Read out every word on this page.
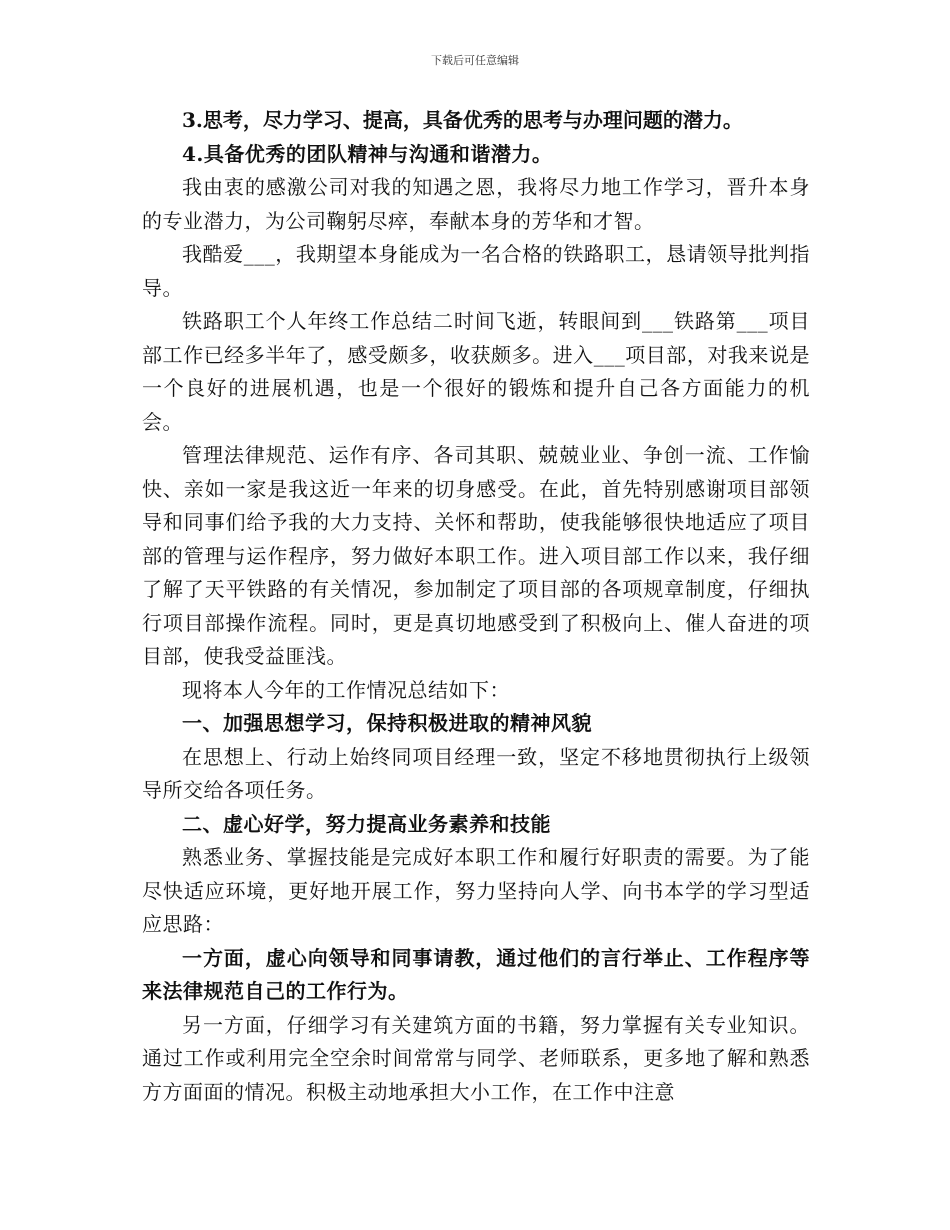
下载后可任意编辑

3.思考，尽力学习、提高，具备优秀的思考与办理问题的潜力。

4.具备优秀的团队精神与沟通和谐潜力。

我由衷的感激公司对我的知遇之恩，我将尽力地工作学习，晋升本身的专业潜力，为公司鞠躬尽瘁，奉献本身的芳华和才智。

我酷爱___，我期望本身能成为一名合格的铁路职工，恳请领导批判指导。

铁路职工个人年终工作总结二时间飞逝，转眼间到___铁路第___项目部工作已经多半年了，感受颇多，收获颇多。进入___项目部，对我来说是一个良好的进展机遇，也是一个很好的锻炼和提升自己各方面能力的机会。

管理法律规范、运作有序、各司其职、兢兢业业、争创一流、工作愉快、亲如一家是我这近一年来的切身感受。在此，首先特别感谢项目部领导和同事们给予我的大力支持、关怀和帮助，使我能够很快地适应了项目部的管理与运作程序，努力做好本职工作。进入项目部工作以来，我仔细了解了天平铁路的有关情况，参加制定了项目部的各项规章制度，仔细执行项目部操作流程。同时，更是真切地感受到了积极向上、催人奋进的项目部，使我受益匪浅。

现将本人今年的工作情况总结如下：

一、加强思想学习，保持积极进取的精神风貌

在思想上、行动上始终同项目经理一致，坚定不移地贯彻执行上级领导所交给各项任务。

二、虚心好学，努力提高业务素养和技能

熟悉业务、掌握技能是完成好本职工作和履行好职责的需要。为了能尽快适应环境，更好地开展工作，努力坚持向人学、向书本学的学习型适应思路：

一方面，虚心向领导和同事请教，通过他们的言行举止、工作程序等来法律规范自己的工作行为。

另一方面，仔细学习有关建筑方面的书籍，努力掌握有关专业知识。通过工作或利用完全空余时间常常与同学、老师联系，更多地了解和熟悉方方面面的情况。积极主动地承担大小工作，在工作中注意
